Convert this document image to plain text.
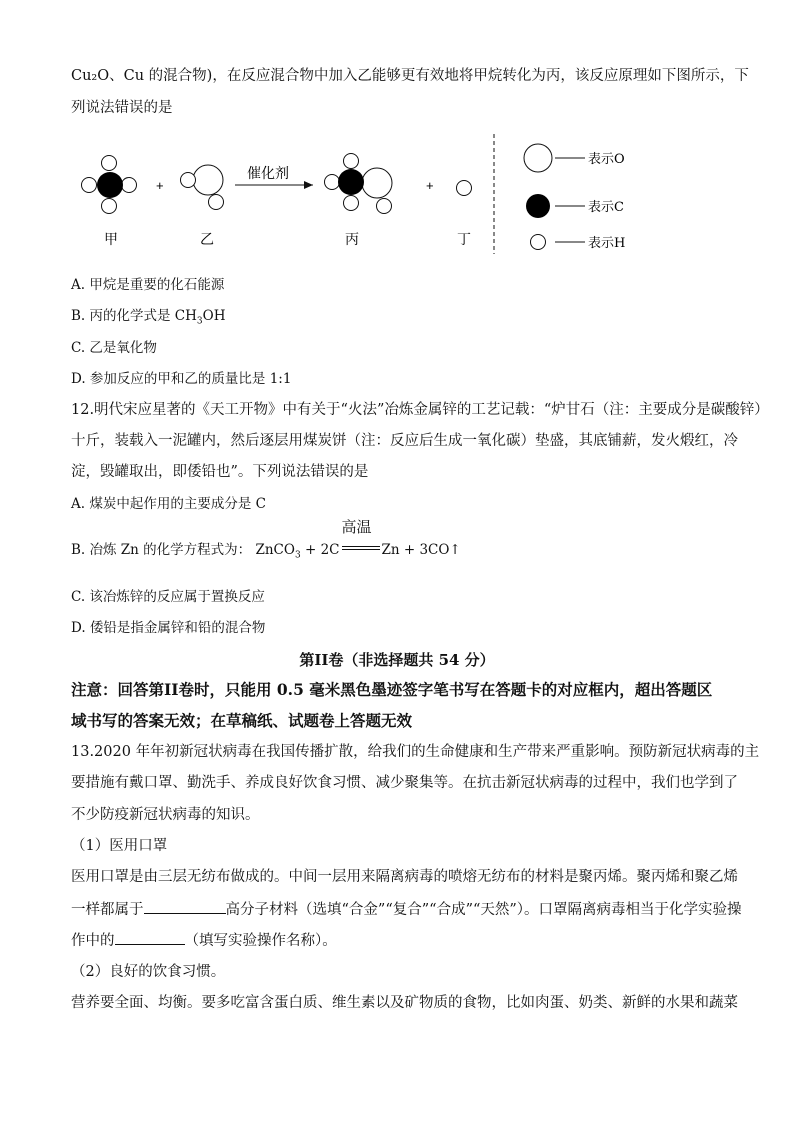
Cu₂O、Cu 的混合物)，在反应混合物中加入乙能够更有效地将甲烷转化为丙，该反应原理如下图所示，下
列说法错误的是
+
催化剂
+
甲	乙	丙	丁
表示O
表示C
表示H
A. 甲烷是重要的化石能源
B. 丙的化学式是 $CH_3OH$
C. 乙是氧化物
D. 参加反应的甲和乙的质量比是 1:1
12.明代宋应星著的《天工开物》中有关于“火法”冶炼金属锌的工艺记载：“炉甘石（注：主要成分是碳酸锌）
十斤，装载入一泥罐内，然后逐层用煤炭饼（注：反应后生成一氧化碳）垫盛，其底铺薪，发火煅红，冷
淀，毁罐取出，即倭铅也”。下列说法错误的是
A. 煤炭中起作用的主要成分是 C
B. 冶炼 Zn 的化学方程式为： ZnCO$_3$ + 2C
高温
Zn + 3CO↑
C. 该冶炼锌的反应属于置换反应
D. 倭铅是指金属锌和铅的混合物
第II卷（非选择题共 54 分）
注意：回答第II卷时，只能用 0.5 毫米黑色墨迹签字笔书写在答题卡的对应框内，超出答题区
域书写的答案无效；在草稿纸、试题卷上答题无效
13.2020 年年初新冠状病毒在我国传播扩散，给我们的生命健康和生产带来严重影响。预防新冠状病毒的主
要措施有戴口罩、勤洗手、养成良好饮食习惯、减少聚集等。在抗击新冠状病毒的过程中，我们也学到了
不少防疫新冠状病毒的知识。
（1）医用口罩
医用口罩是由三层无纺布做成的。中间一层用来隔离病毒的喷熔无纺布的材料是聚丙烯。聚丙烯和聚乙烯
一样都属于	高分子材料（选填“合金”“复合”“合成”“天然”）。口罩隔离病毒相当于化学实验操
作中的	（填写实验操作名称）。
（2）良好的饮食习惯。
营养要全面、均衡。要多吃富含蛋白质、维生素以及矿物质的食物，比如肉蛋、奶类、新鲜的水果和蔬菜
